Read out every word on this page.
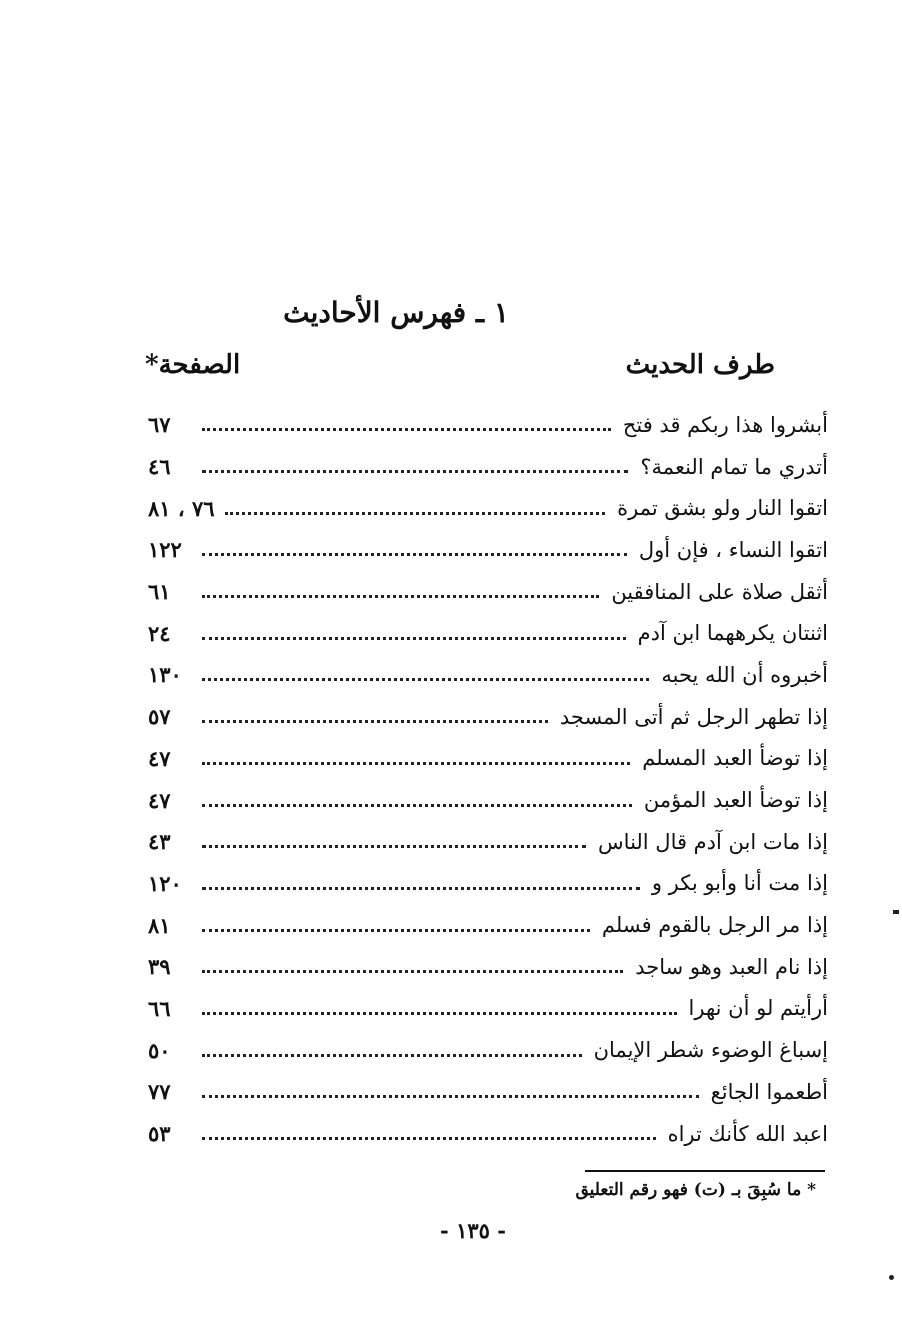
١ ـ فهرس الأحاديث
طرف الحديث
الصفحة*
أبشروا هذا ربكم قد فتح
٦٧
أتدري ما تمام النعمة؟
٤٦
اتقوا النار ولو بشق تمرة
٧٦ ، ٨١
اتقوا النساء ، فإن أول
١٢٢
أثقل صلاة على المنافقين
٦١
اثنتان يكرههما ابن آدم
٢٤
أخبروه أن الله يحبه
١٣٠
إذا تطهر الرجل ثم أتى المسجد
٥٧
إذا توضأ العبد المسلم
٤٧
إذا توضأ العبد المؤمن
٤٧
إذا مات ابن آدم قال الناس
٤٣
إذا مت أنا وأبو بكر و
١٢٠
إذا مر الرجل بالقوم فسلم
٨١
إذا نام العبد وهو ساجد
٣٩
أرأيتم لو أن نهرا
٦٦
إسباغ الوضوء شطر الإيمان
٥٠
أطعموا الجائع
٧٧
اعبد الله كأنك تراه
٥٣
* ما سُبِقَ بـ (ت) فهو رقم التعليق
- ١٣٥ -
